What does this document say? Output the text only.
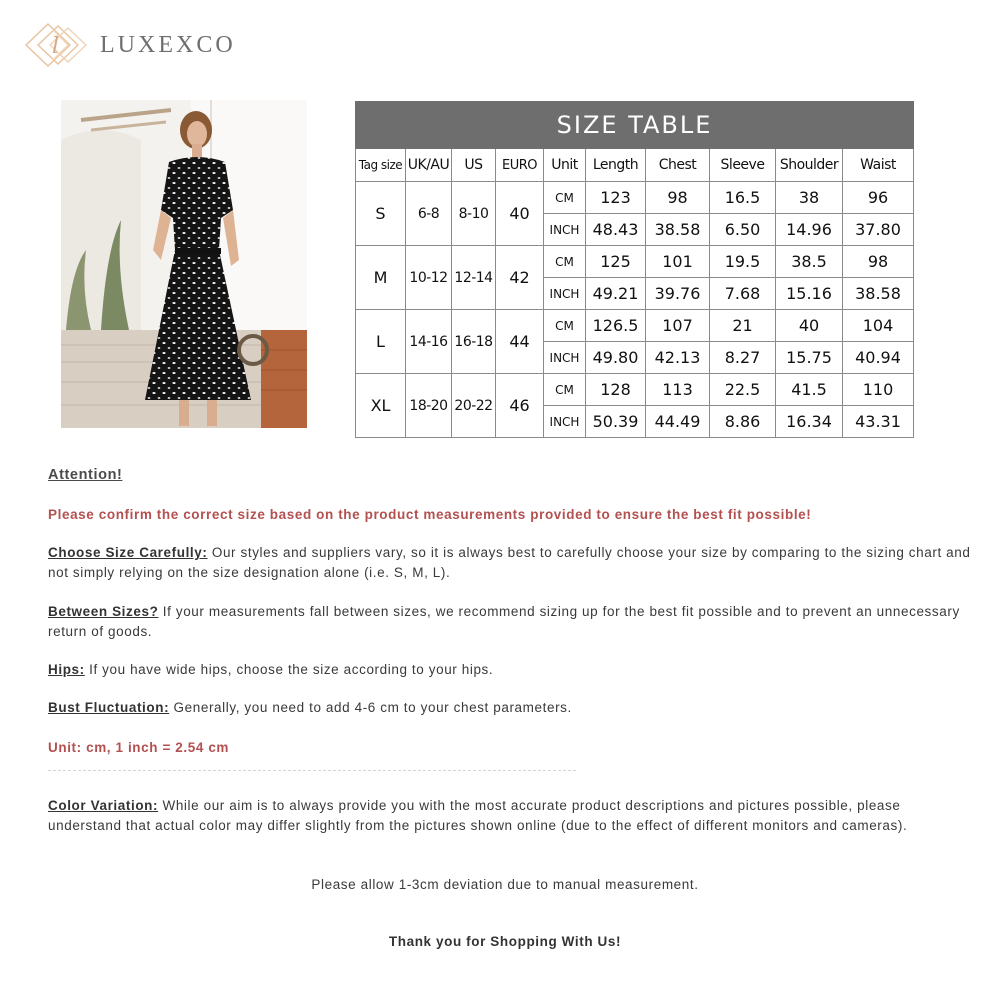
l LUXEXCO
SIZE TABLE									
Tag size	UK/AU	US	EURO	Unit	Length	Chest	Sleeve	Shoulder	Waist
S	6-8	8-10	40	CM	123	98	16.5	38	96
				INCH	48.43	38.58	6.50	14.96	37.80
M	10-12	12-14	42	CM	125	101	19.5	38.5	98
				INCH	49.21	39.76	7.68	15.16	38.58
L	14-16	16-18	44	CM	126.5	107	21	40	104
				INCH	49.80	42.13	8.27	15.75	40.94
XL	18-20	20-22	46	CM	128	113	22.5	41.5	110
				INCH	50.39	44.49	8.86	16.34	43.31

Attention!

Please confirm the correct size based on the product measurements provided to ensure the best fit possible!

Choose Size Carefully: Our styles and suppliers vary, so it is always best to carefully choose your size by comparing to the sizing chart and not simply relying on the size designation alone (i.e. S, M, L).

Between Sizes? If your measurements fall between sizes, we recommend sizing up for the best fit possible and to prevent an unnecessary return of goods.

Hips: If you have wide hips, choose the size according to your hips.

Bust Fluctuation: Generally, you need to add 4-6 cm to your chest parameters.

Unit: cm, 1 inch = 2.54 cm

Color Variation: While our aim is to always provide you with the most accurate product descriptions and pictures possible, please understand that actual color may differ slightly from the pictures shown online (due to the effect of different monitors and cameras).

Please allow 1-3cm deviation due to manual measurement.

Thank you for Shopping With Us!
